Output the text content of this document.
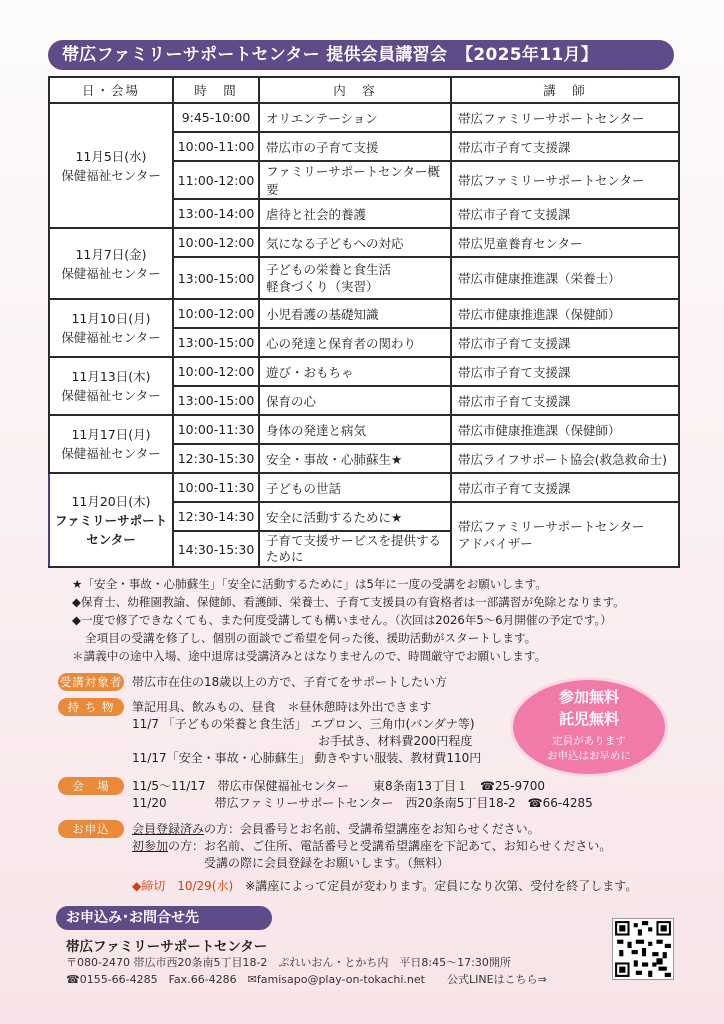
帯広ファミリーサポートセンター 提供会員講習会　【2025年11月】
日・会場	時　間	内　容	講　師
11月5日(水)
保健福祉センター	9:45-10:00	オリエンテーション	帯広ファミリーサポートセンター
	10:00-11:00	帯広市の子育て支援	帯広市子育て支援課
	11:00-12:00	ファミリーサポートセンター概要	帯広ファミリーサポートセンター
	13:00-14:00	虐待と社会的養護	帯広市子育て支援課
11月7日(金)
保健福祉センター	10:00-12:00	気になる子どもへの対応	帯広児童養育センター
	13:00-15:00	子どもの栄養と食生活
軽食づくり（実習）	帯広市健康推進課（栄養士）
11月10日(月)
保健福祉センター	10:00-12:00	小児看護の基礎知識	帯広市健康推進課（保健師）
	13:00-15:00	心の発達と保育者の関わり	帯広市子育て支援課
11月13日(木)
保健福祉センター	10:00-12:00	遊び・おもちゃ	帯広市子育て支援課
	13:00-15:00	保育の心	帯広市子育て支援課
11月17日(月)
保健福祉センター	10:00-11:30	身体の発達と病気	帯広市健康推進課（保健師）
	12:30-15:30	安全・事故・心肺蘇生★	帯広ライフサポート協会(救急救命士)
11月20日(木)
ファミリーサポート
センター	10:00-11:30	子どもの世話	帯広市子育て支援課
	12:30-14:30	安全に活動するために★	帯広ファミリーサポートセンター
アドバイザー
	14:30-15:30	子育て支援サービスを提供する
ために	
★「安全・事故・心肺蘇生」「安全に活動するために」は5年に一度の受講をお願いします。
◆保育士、幼稚園教諭、保健師、看護師、栄養士、子育て支援員の有資格者は一部講習が免除となります。
◆一度で修了できなくても、また何度受講しても構いません。（次回は2026年5～6月開催の予定です。）
全項目の受講を修了し、個別の面談でご希望を伺った後、援助活動がスタートします。
＊講義中の途中入場、途中退席は受講済みとはなりませんので、時間厳守でお願いします。
受講対象者 帯広市在住の18歳以上の方で、子育てをサポートしたい方
持 ち 物	筆記用具、飲みもの、昼食　＊昼休憩時は外出できます
11/7 「子どもの栄養と食生活」 エプロン、三角巾(バンダナ等)
お手拭き、材料費200円程度
11/17「安全・事故・心肺蘇生」 動きやすい服装、教材費110円
参加無料
託児無料
定員があります
お申込はお早めに
会　場	11/5～11/17　帯広市保健福祉センター　　東8条南13丁目１　☎25-9700
11/20　　　　帯広ファミリーサポートセンター　西20条南5丁目18-2　☎66-4285
お申込	会員登録済みの方：会員番号とお名前、受講希望講座をお知らせください。
初参加の方：お名前、ご住所、電話番号と受講希望講座を下記あて、お知らせください。
受講の際に会員登録をお願いします。（無料）
◆締切　10/29(水)　 ※講座によって定員が変わります。定員になり次第、受付を終了します。
お申込み･お問合せ先
帯広ファミリーサポートセンター
〒080-2470 帯広市西20条南5丁目18-2　ぷれいおん・とかち内　平日8:45～17:30開所
☎0155-66-4285　Fax.66-4286　 ✉famisapo@play-on-tokachi.net　　 公式LINEはこちら⇒
